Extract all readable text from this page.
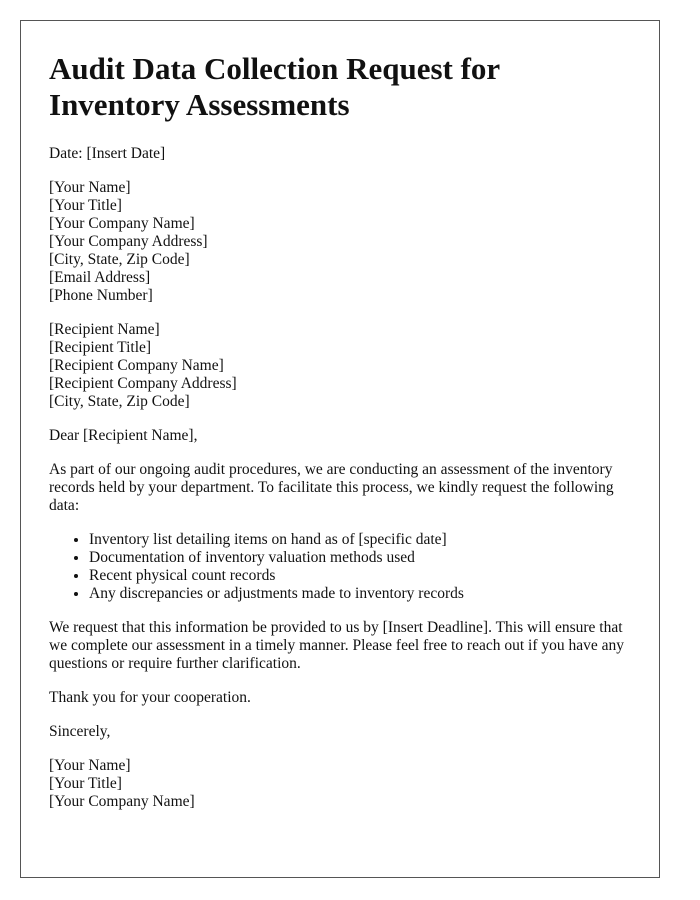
Audit Data Collection Request for Inventory Assessments
Date: [Insert Date]
[Your Name]
[Your Title]
[Your Company Name]
[Your Company Address]
[City, State, Zip Code]
[Email Address]
[Phone Number]
[Recipient Name]
[Recipient Title]
[Recipient Company Name]
[Recipient Company Address]
[City, State, Zip Code]
Dear [Recipient Name],
As part of our ongoing audit procedures, we are conducting an assessment of the inventory records held by your department. To facilitate this process, we kindly request the following data:
• Inventory list detailing items on hand as of [specific date]
• Documentation of inventory valuation methods used
• Recent physical count records
• Any discrepancies or adjustments made to inventory records
We request that this information be provided to us by [Insert Deadline]. This will ensure that we complete our assessment in a timely manner. Please feel free to reach out if you have any questions or require further clarification.
Thank you for your cooperation.
Sincerely,
[Your Name]
[Your Title]
[Your Company Name]
